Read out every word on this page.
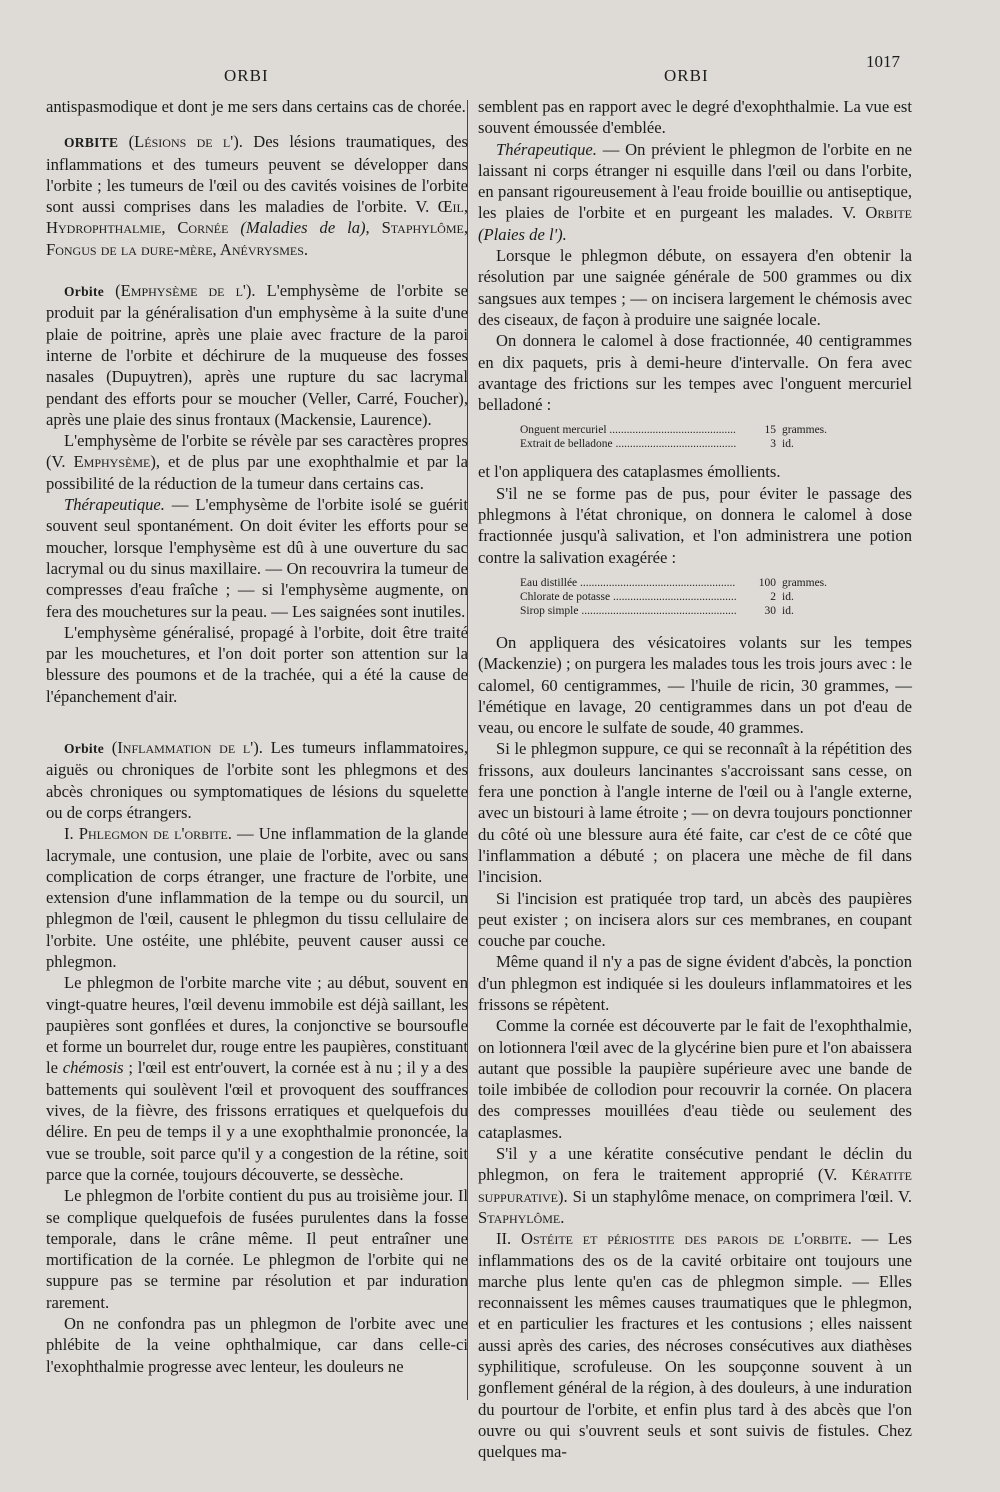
ORBI	ORBI
1017

antispasmodique et dont je me sers dans certains cas de chorée.

ORBITE (Lésions de l'). Des lésions traumatiques, des inflammations et des tumeurs peuvent se développer dans l'orbite ; les tumeurs de l'œil ou des cavités voisines de l'orbite sont aussi comprises dans les maladies de l'orbite. V. Œil, Hydrophthalmie, Cornée (Maladies de la), Staphylôme, Fongus de la dure-mère, Anévrysmes.

Orbite (Emphysème de l'). L'emphysème de l'orbite se produit par la généralisation d'un emphysème à la suite d'une plaie de poitrine, après une plaie avec fracture de la paroi interne de l'orbite et déchirure de la muqueuse des fosses nasales (Dupuytren), après une rupture du sac lacrymal pendant des efforts pour se moucher (Veller, Carré, Foucher), après une plaie des sinus frontaux (Mackensie, Laurence).

L'emphysème de l'orbite se révèle par ses caractères propres (V. Emphysème), et de plus par une exophthalmie et par la possibilité de la réduction de la tumeur dans certains cas.

Thérapeutique. — L'emphysème de l'orbite isolé se guérit souvent seul spontanément. On doit éviter les efforts pour se moucher, lorsque l'emphysème est dû à une ouverture du sac lacrymal ou du sinus maxillaire. — On recouvrira la tumeur de compresses d'eau fraîche ; — si l'emphysème augmente, on fera des mouchetures sur la peau. — Les saignées sont inutiles.

L'emphysème généralisé, propagé à l'orbite, doit être traité par les mouchetures, et l'on doit porter son attention sur la blessure des poumons et de la trachée, qui a été la cause de l'épanchement d'air.

Orbite (Inflammation de l'). Les tumeurs inflammatoires, aiguës ou chroniques de l'orbite sont les phlegmons et des abcès chroniques ou symptomatiques de lésions du squelette ou de corps étrangers.

I. Phlegmon de l'orbite. — Une inflammation de la glande lacrymale, une contusion, une plaie de l'orbite, avec ou sans complication de corps étranger, une fracture de l'orbite, une extension d'une inflammation de la tempe ou du sourcil, un phlegmon de l'œil, causent le phlegmon du tissu cellulaire de l'orbite. Une ostéite, une phlébite, peuvent causer aussi ce phlegmon.

Le phlegmon de l'orbite marche vite ; au début, souvent en vingt-quatre heures, l'œil devenu immobile est déjà saillant, les paupières sont gonflées et dures, la conjonctive se boursoufle et forme un bourrelet dur, rouge entre les paupières, constituant le chémosis ; l'œil est entr'ouvert, la cornée est à nu ; il y a des battements qui soulèvent l'œil et provoquent des souffrances vives, de la fièvre, des frissons erratiques et quelquefois du délire. En peu de temps il y a une exophthalmie prononcée, la vue se trouble, soit parce qu'il y a congestion de la rétine, soit parce que la cornée, toujours découverte, se dessèche.

Le phlegmon de l'orbite contient du pus au troisième jour. Il se complique quelquefois de fusées purulentes dans la fosse temporale, dans le crâne même. Il peut entraîner une mortification de la cornée. Le phlegmon de l'orbite qui ne suppure pas se termine par résolution et par induration rarement.

On ne confondra pas un phlegmon de l'orbite avec une phlébite de la veine ophthalmique, car dans celle-ci l'exophthalmie progresse avec lenteur, les douleurs ne

semblent pas en rapport avec le degré d'exophthalmie. La vue est souvent émoussée d'emblée.

Thérapeutique. — On prévient le phlegmon de l'orbite en ne laissant ni corps étranger ni esquille dans l'œil ou dans l'orbite, en pansant rigoureusement à l'eau froide bouillie ou antiseptique, les plaies de l'orbite et en purgeant les malades. V. Orbite (Plaies de l').

Lorsque le phlegmon débute, on essayera d'en obtenir la résolution par une saignée générale de 500 grammes ou dix sangsues aux tempes ; — on incisera largement le chémosis avec des ciseaux, de façon à produire une saignée locale.

On donnera le calomel à dose fractionnée, 40 centigrammes en dix paquets, pris à demi-heure d'intervalle. On fera avec avantage des frictions sur les tempes avec l'onguent mercuriel belladoné :

Onguent mercuriel .....	15 grammes.
Extrait de belladone .....	3 id.

et l'on appliquera des cataplasmes émollients.

S'il ne se forme pas de pus, pour éviter le passage des phlegmons à l'état chronique, on donnera le calomel à dose fractionnée jusqu'à salivation, et l'on administrera une potion contre la salivation exagérée :

Eau distillée .....	100 grammes.
Chlorate de potasse .....	2 id.
Sirop simple .....	30 id.

On appliquera des vésicatoires volants sur les tempes (Mackenzie) ; on purgera les malades tous les trois jours avec : le calomel, 60 centigrammes, — l'huile de ricin, 30 grammes, — l'émétique en lavage, 20 centigrammes dans un pot d'eau de veau, ou encore le sulfate de soude, 40 grammes.

Si le phlegmon suppure, ce qui se reconnaît à la répétition des frissons, aux douleurs lancinantes s'accroissant sans cesse, on fera une ponction à l'angle interne de l'œil ou à l'angle externe, avec un bistouri à lame étroite ; — on devra toujours ponctionner du côté où une blessure aura été faite, car c'est de ce côté que l'inflammation a débuté ; on placera une mèche de fil dans l'incision.

Si l'incision est pratiquée trop tard, un abcès des paupières peut exister ; on incisera alors sur ces membranes, en coupant couche par couche.

Même quand il n'y a pas de signe évident d'abcès, la ponction d'un phlegmon est indiquée si les douleurs inflammatoires et les frissons se répètent.

Comme la cornée est découverte par le fait de l'exophthalmie, on lotionnera l'œil avec de la glycérine bien pure et l'on abaissera autant que possible la paupière supérieure avec une bande de toile imbibée de collodion pour recouvrir la cornée. On placera des compresses mouillées d'eau tiède ou seulement des cataplasmes.

S'il y a une kératite consécutive pendant le déclin du phlegmon, on fera le traitement approprié (V. Kératite suppurative). Si un staphylôme menace, on comprimera l'œil. V. Staphylôme.

II. Ostéite et périostite des parois de l'orbite. — Les inflammations des os de la cavité orbitaire ont toujours une marche plus lente qu'en cas de phlegmon simple. — Elles reconnaissent les mêmes causes traumatiques que le phlegmon, et en particulier les fractures et les contusions ; elles naissent aussi après des caries, des nécroses consécutives aux diathèses syphilitique, scrofuleuse. On les soupçonne souvent à un gonflement général de la région, à des douleurs, à une induration du pourtour de l'orbite, et enfin plus tard à des abcès que l'on ouvre ou qui s'ouvrent seuls et sont suivis de fistules. Chez quelques ma-
